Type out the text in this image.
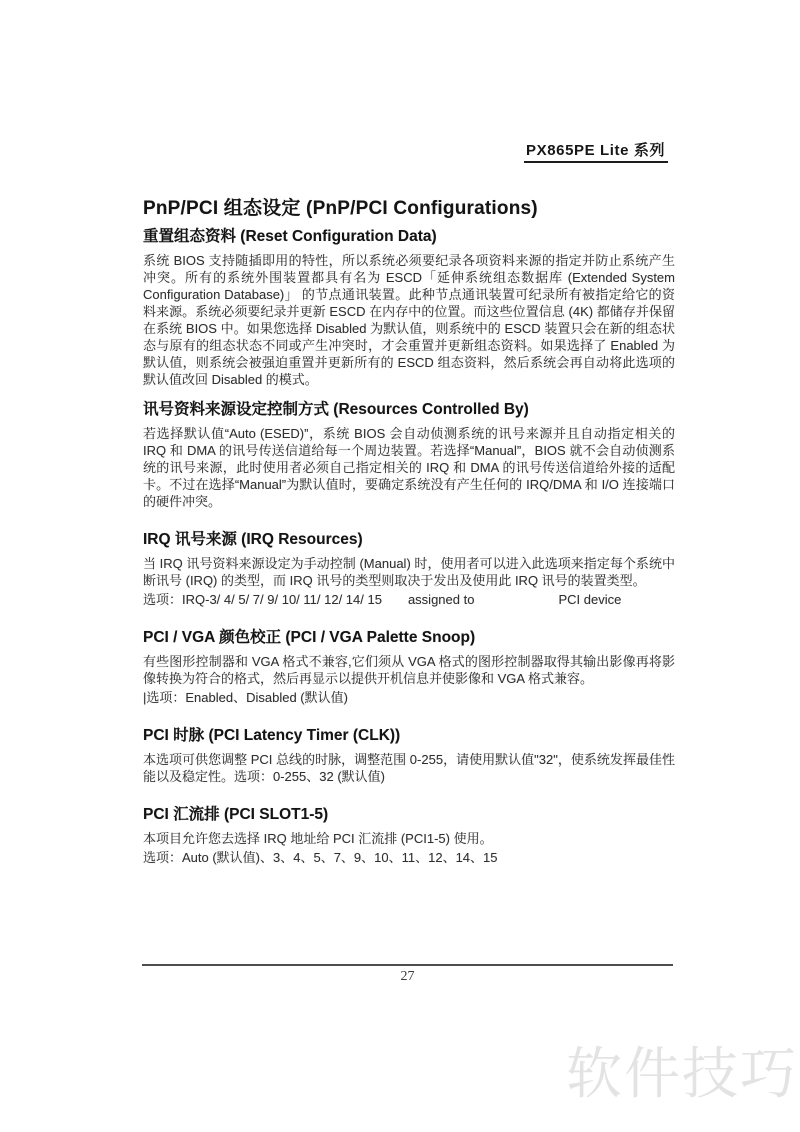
PX865PE Lite 系列
PnP/PCI 组态设定 (PnP/PCI Configurations)
重置组态资料 (Reset Configuration Data)

系统 BIOS 支持随插即用的特性，所以系统必须要纪录各项资料来源的指定并防止系统产生冲突。所有的系统外围装置都具有名为 ESCD「延伸系统组态数据库 (Extended System Configuration Database)」 的节点通讯装置。此种节点通讯装置可纪录所有被指定给它的资料来源。系统必须要纪录并更新 ESCD 在内存中的位置。而这些位置信息 (4K) 都储存并保留在系统 BIOS 中。如果您选择 Disabled 为默认值，则系统中的 ESCD 装置只会在新的组态状态与原有的组态状态不同或产生冲突时，才会重置并更新组态资料。如果选择了 Enabled 为默认值，则系统会被强迫重置并更新所有的 ESCD 组态资料，然后系统会再自动将此选项的默认值改回 Disabled 的模式。

讯号资料来源设定控制方式 (Resources Controlled By)

若选择默认值“Auto (ESED)”，系统 BIOS 会自动侦测系统的讯号来源并且自动指定相关的 IRQ 和 DMA 的讯号传送信道给每一个周边装置。若选择“Manual”，BIOS 就不会自动侦测系统的讯号来源，此时使用者必须自己指定相关的 IRQ 和 DMA 的讯号传送信道给外接的适配卡。不过在选择“Manual”为默认值时，要确定系统没有产生任何的 IRQ/DMA 和 I/O 连接端口的硬件冲突。

IRQ 讯号来源 (IRQ Resources)

当 IRQ 讯号资料来源设定为手动控制 (Manual) 时，使用者可以进入此选项来指定每个系统中断讯号 (IRQ) 的类型，而 IRQ 讯号的类型则取决于发出及使用此 IRQ 讯号的装置类型。

选项：IRQ-3/ 4/ 5/ 7/ 9/ 10/ 11/ 12/ 14/ 15 assigned to	PCI device

PCI / VGA 颜色校正 (PCI / VGA Palette Snoop)

有些图形控制器和 VGA 格式不兼容,它们须从 VGA 格式的图形控制器取得其输出影像再将影像转换为符合的格式，然后再显示以提供开机信息并使影像和 VGA 格式兼容。

|选项：Enabled、Disabled (默认值)

PCI 时脉 (PCI Latency Timer (CLK))

本选项可供您调整 PCI 总线的时脉，调整范围 0-255，请使用默认值"32"，使系统发挥最佳性能以及稳定性。选项：0-255、32 (默认值)

PCI 汇流排 (PCI SLOT1-5)

本项目允许您去选择 IRQ 地址给 PCI 汇流排 (PCI1-5) 使用。

选项：Auto (默认值)、3、4、5、7、9、10、11、12、14、15

27
软件技巧
